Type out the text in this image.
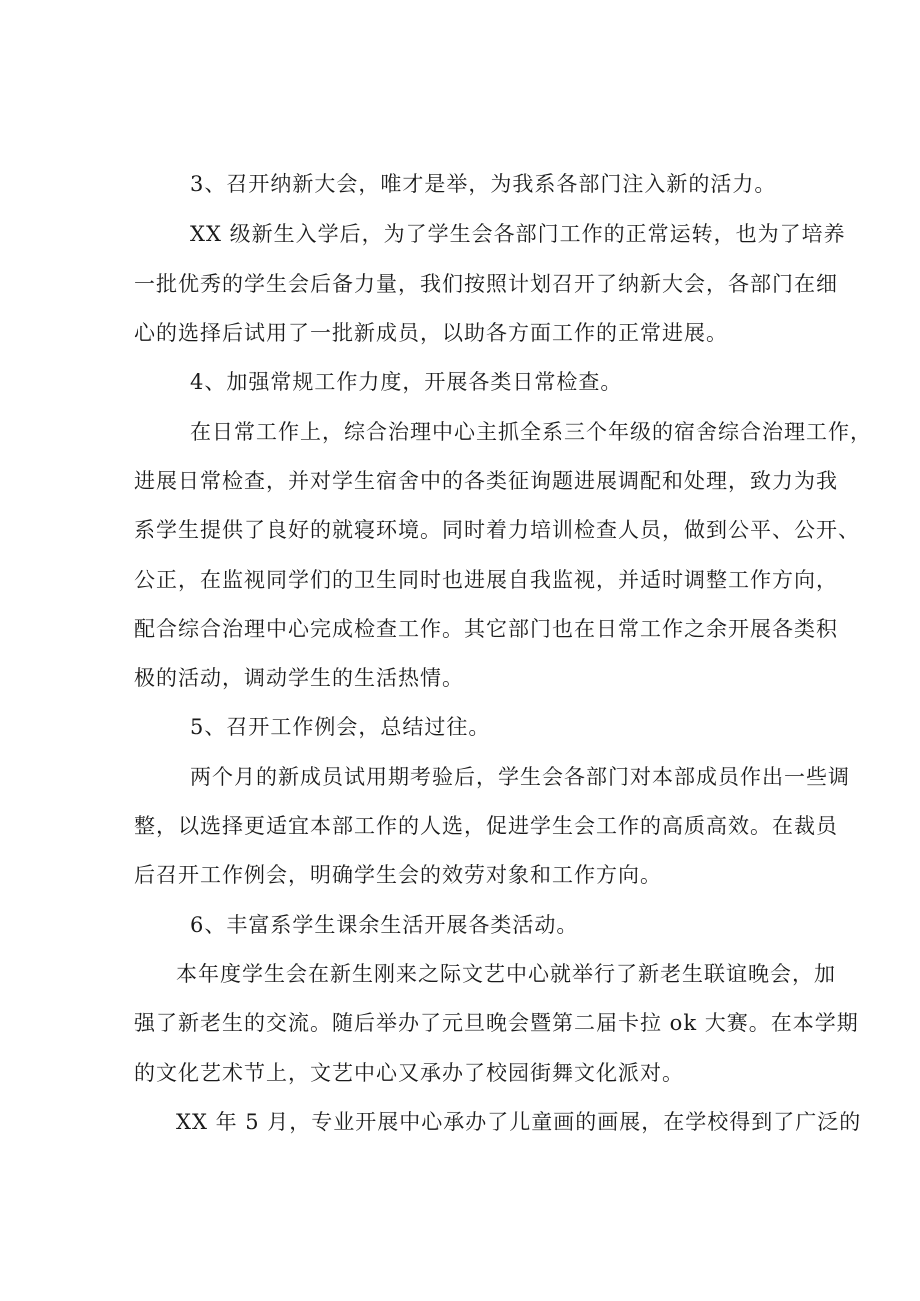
3、召开纳新大会，唯才是举，为我系各部门注入新的活力。
XX 级新生入学后，为了学生会各部门工作的正常运转，也为了培养
一批优秀的学生会后备力量，我们按照计划召开了纳新大会，各部门在细
心的选择后试用了一批新成员，以助各方面工作的正常进展。
4、加强常规工作力度，开展各类日常检查。
在日常工作上，综合治理中心主抓全系三个年级的宿舍综合治理工作，
进展日常检查，并对学生宿舍中的各类征询题进展调配和处理，致力为我
系学生提供了良好的就寝环境。同时着力培训检查人员，做到公平、公开、
公正，在监视同学们的卫生同时也进展自我监视，并适时调整工作方向，
配合综合治理中心完成检查工作。其它部门也在日常工作之余开展各类积
极的活动，调动学生的生活热情。
5、召开工作例会，总结过往。
两个月的新成员试用期考验后，学生会各部门对本部成员作出一些调
整，以选择更适宜本部工作的人选，促进学生会工作的高质高效。在裁员
后召开工作例会，明确学生会的效劳对象和工作方向。
6、丰富系学生课余生活开展各类活动。
本年度学生会在新生刚来之际文艺中心就举行了新老生联谊晚会，加
强了新老生的交流。随后举办了元旦晚会暨第二届卡拉 ok 大赛。在本学期
的文化艺术节上，文艺中心又承办了校园街舞文化派对。
XX 年 5 月，专业开展中心承办了儿童画的画展，在学校得到了广泛的
